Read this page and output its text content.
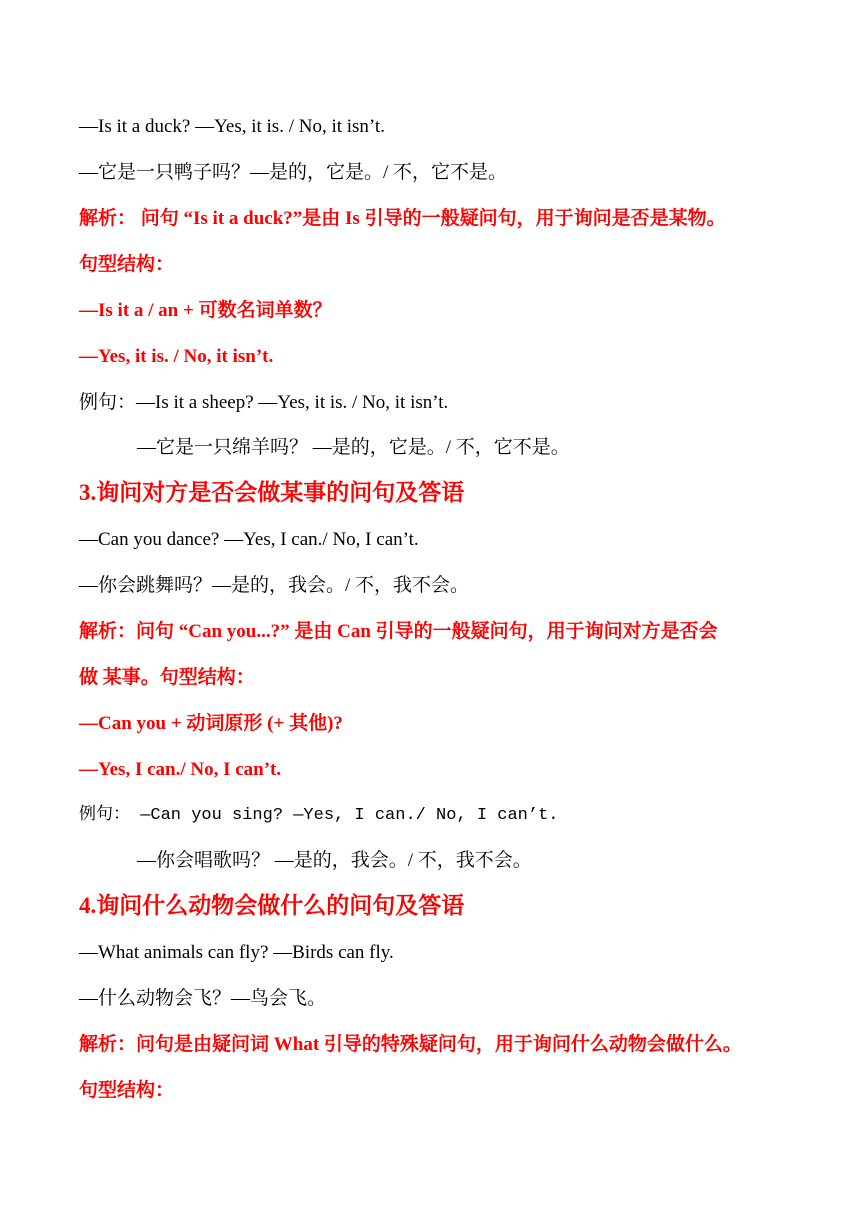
—Is it a duck? —Yes, it is. / No, it isn’t.
—它是一只鸭子吗？—是的，它是。/ 不，它不是。
解析： 问句 “Is it a duck?”是由 Is 引导的一般疑问句，用于询问是否是某物。
句型结构：
—Is it a / an + 可数名词单数？
—Yes, it is. / No, it isn’t.
例句：—Is it a sheep? —Yes, it is. / No, it isn’t.
—它是一只绵羊吗？ —是的，它是。/ 不，它不是。
3.询问对方是否会做某事的问句及答语
—Can you dance? —Yes, I can./ No, I can’t.
—你会跳舞吗？—是的，我会。/ 不，我不会。
解析：问句 “Can you...?” 是由 Can 引导的一般疑问句，用于询问对方是否会
做 某事。句型结构：
—Can you + 动词原形 (+ 其他)?
—Yes, I can./ No, I can’t.
例句： —Can you sing? —Yes, I can./ No, I can’t.
—你会唱歌吗？ —是的，我会。/ 不，我不会。
4.询问什么动物会做什么的问句及答语
—What animals can fly? —Birds can fly.
—什么动物会飞？—鸟会飞。
解析：问句是由疑问词 What 引导的特殊疑问句，用于询问什么动物会做什么。
句型结构：
